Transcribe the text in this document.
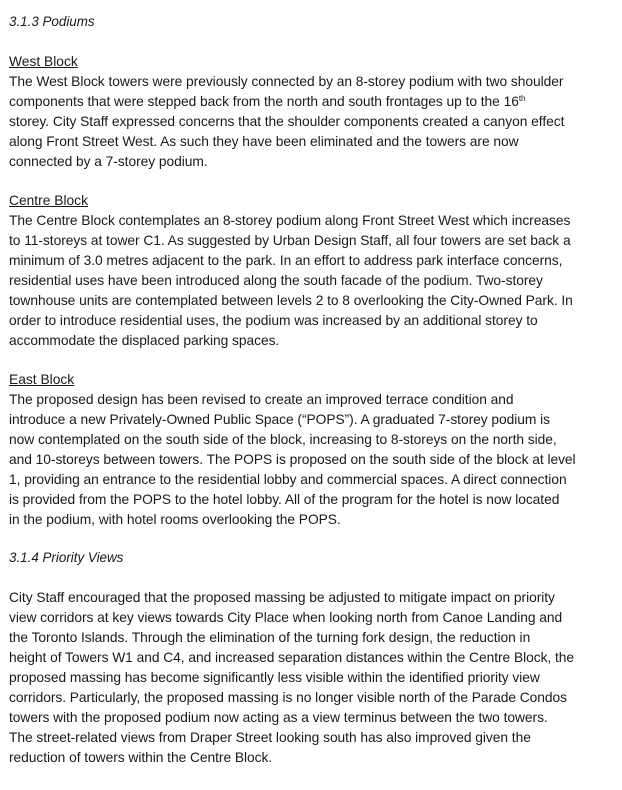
3.1.3 Podiums

West Block

The West Block towers were previously connected by an 8-storey podium with two shoulder
components that were stepped back from the north and south frontages up to the 16th
storey. City Staff expressed concerns that the shoulder components created a canyon effect
along Front Street West. As such they have been eliminated and the towers are now
connected by a 7-storey podium.

Centre Block

The Centre Block contemplates an 8-storey podium along Front Street West which increases
to 11-storeys at tower C1. As suggested by Urban Design Staff, all four towers are set back a
minimum of 3.0 metres adjacent to the park. In an effort to address park interface concerns,
residential uses have been introduced along the south facade of the podium. Two-storey
townhouse units are contemplated between levels 2 to 8 overlooking the City-Owned Park. In
order to introduce residential uses, the podium was increased by an additional storey to
accommodate the displaced parking spaces.

East Block

The proposed design has been revised to create an improved terrace condition and
introduce a new Privately-Owned Public Space (“POPS”). A graduated 7-storey podium is
now contemplated on the south side of the block, increasing to 8-storeys on the north side,
and 10-storeys between towers. The POPS is proposed on the south side of the block at level
1, providing an entrance to the residential lobby and commercial spaces. A direct connection
is provided from the POPS to the hotel lobby. All of the program for the hotel is now located
in the podium, with hotel rooms overlooking the POPS.

3.1.4 Priority Views

City Staff encouraged that the proposed massing be adjusted to mitigate impact on priority
view corridors at key views towards City Place when looking north from Canoe Landing and
the Toronto Islands. Through the elimination of the turning fork design, the reduction in
height of Towers W1 and C4, and increased separation distances within the Centre Block, the
proposed massing has become significantly less visible within the identified priority view
corridors. Particularly, the proposed massing is no longer visible north of the Parade Condos
towers with the proposed podium now acting as a view terminus between the two towers.
The street-related views from Draper Street looking south has also improved given the
reduction of towers within the Centre Block.
